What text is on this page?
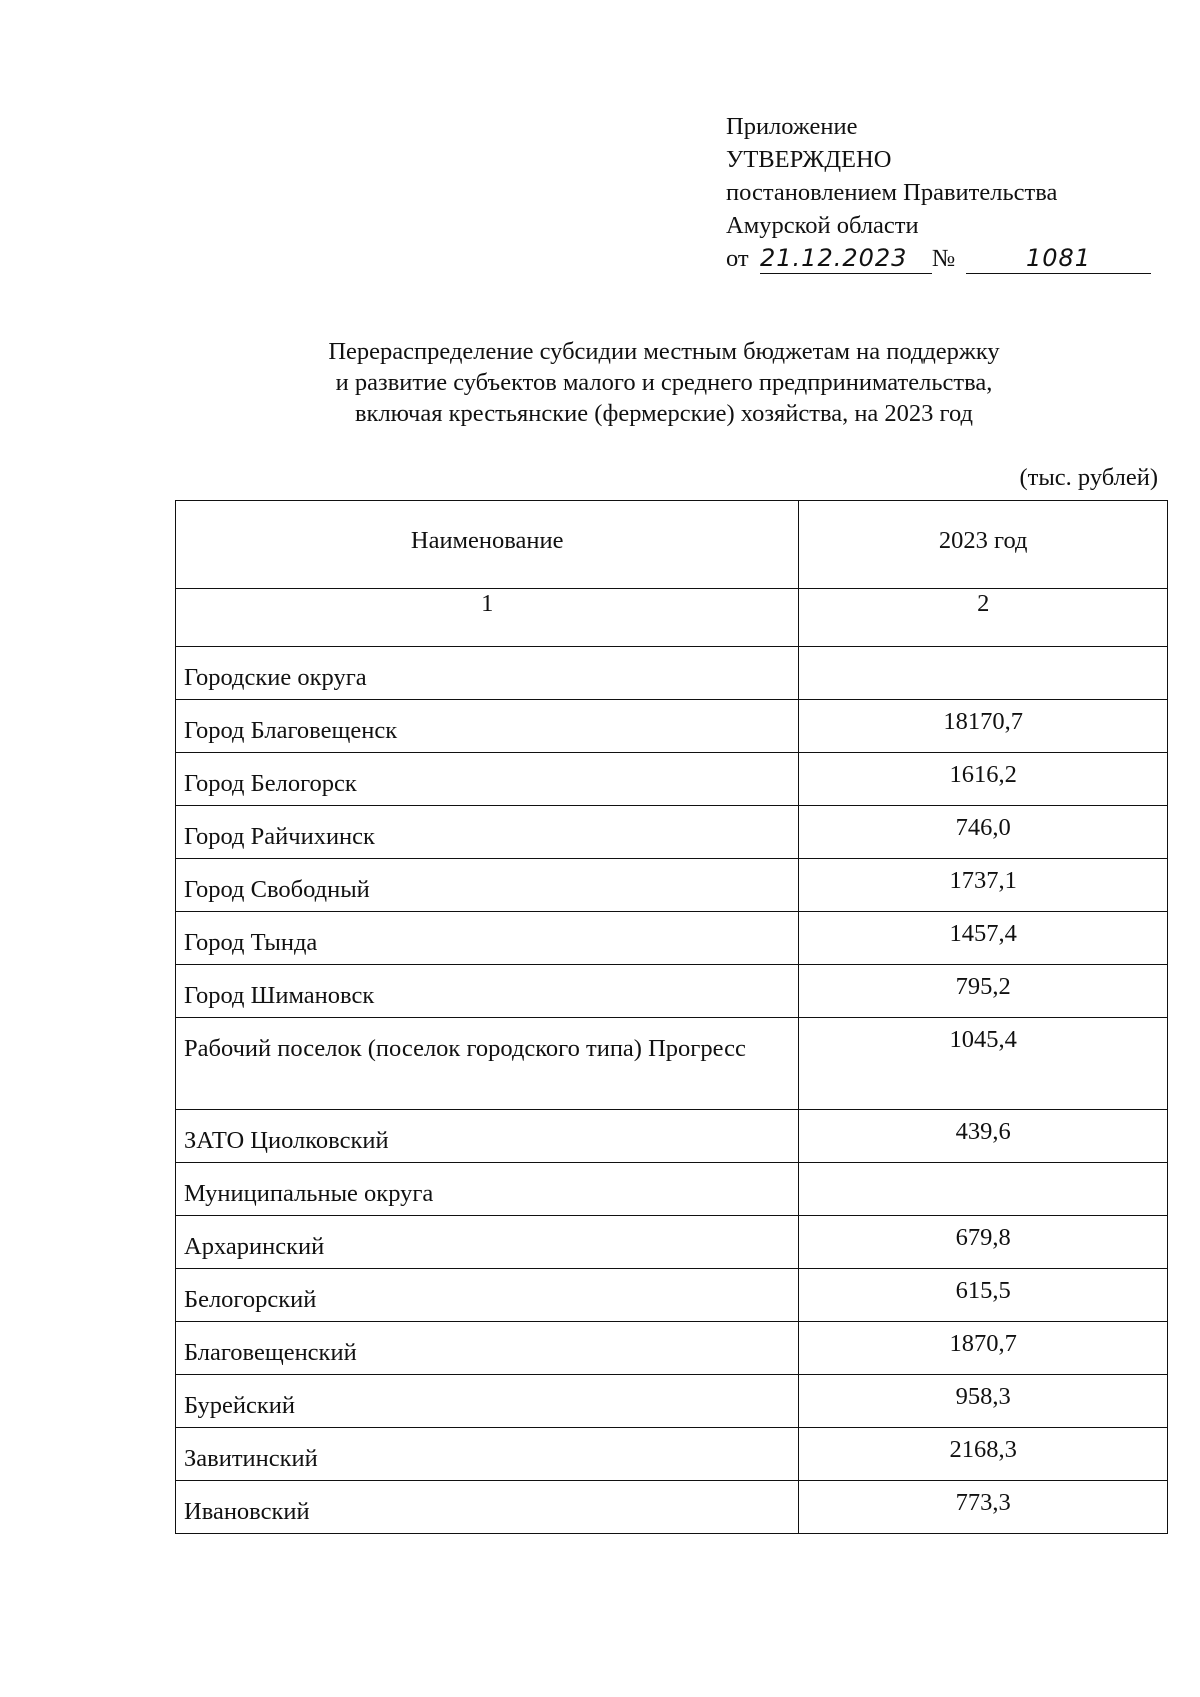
Приложение
УТВЕРЖДЕНО
постановлением Правительства
Амурской области
от 21.12.2023	№	1081
Перераспределение субсидии местным бюджетам на поддержку
и развитие субъектов малого и среднего предпринимательства,
включая крестьянские (фермерские) хозяйства, на 2023 год
(тыс. рублей)
Наименование	2023 год
1	2
Городские округа	
Город Благовещенск	18170,7
Город Белогорск	1616,2
Город Райчихинск	746,0
Город Свободный	1737,1
Город Тында	1457,4
Город Шимановск	795,2
Рабочий поселок (поселок городского типа) Прогресс	1045,4
ЗАТО Циолковский	439,6
Муниципальные округа	
Архаринский	679,8
Белогорский	615,5
Благовещенский	1870,7
Бурейский	958,3
Завитинский	2168,3
Ивановский	773,3
